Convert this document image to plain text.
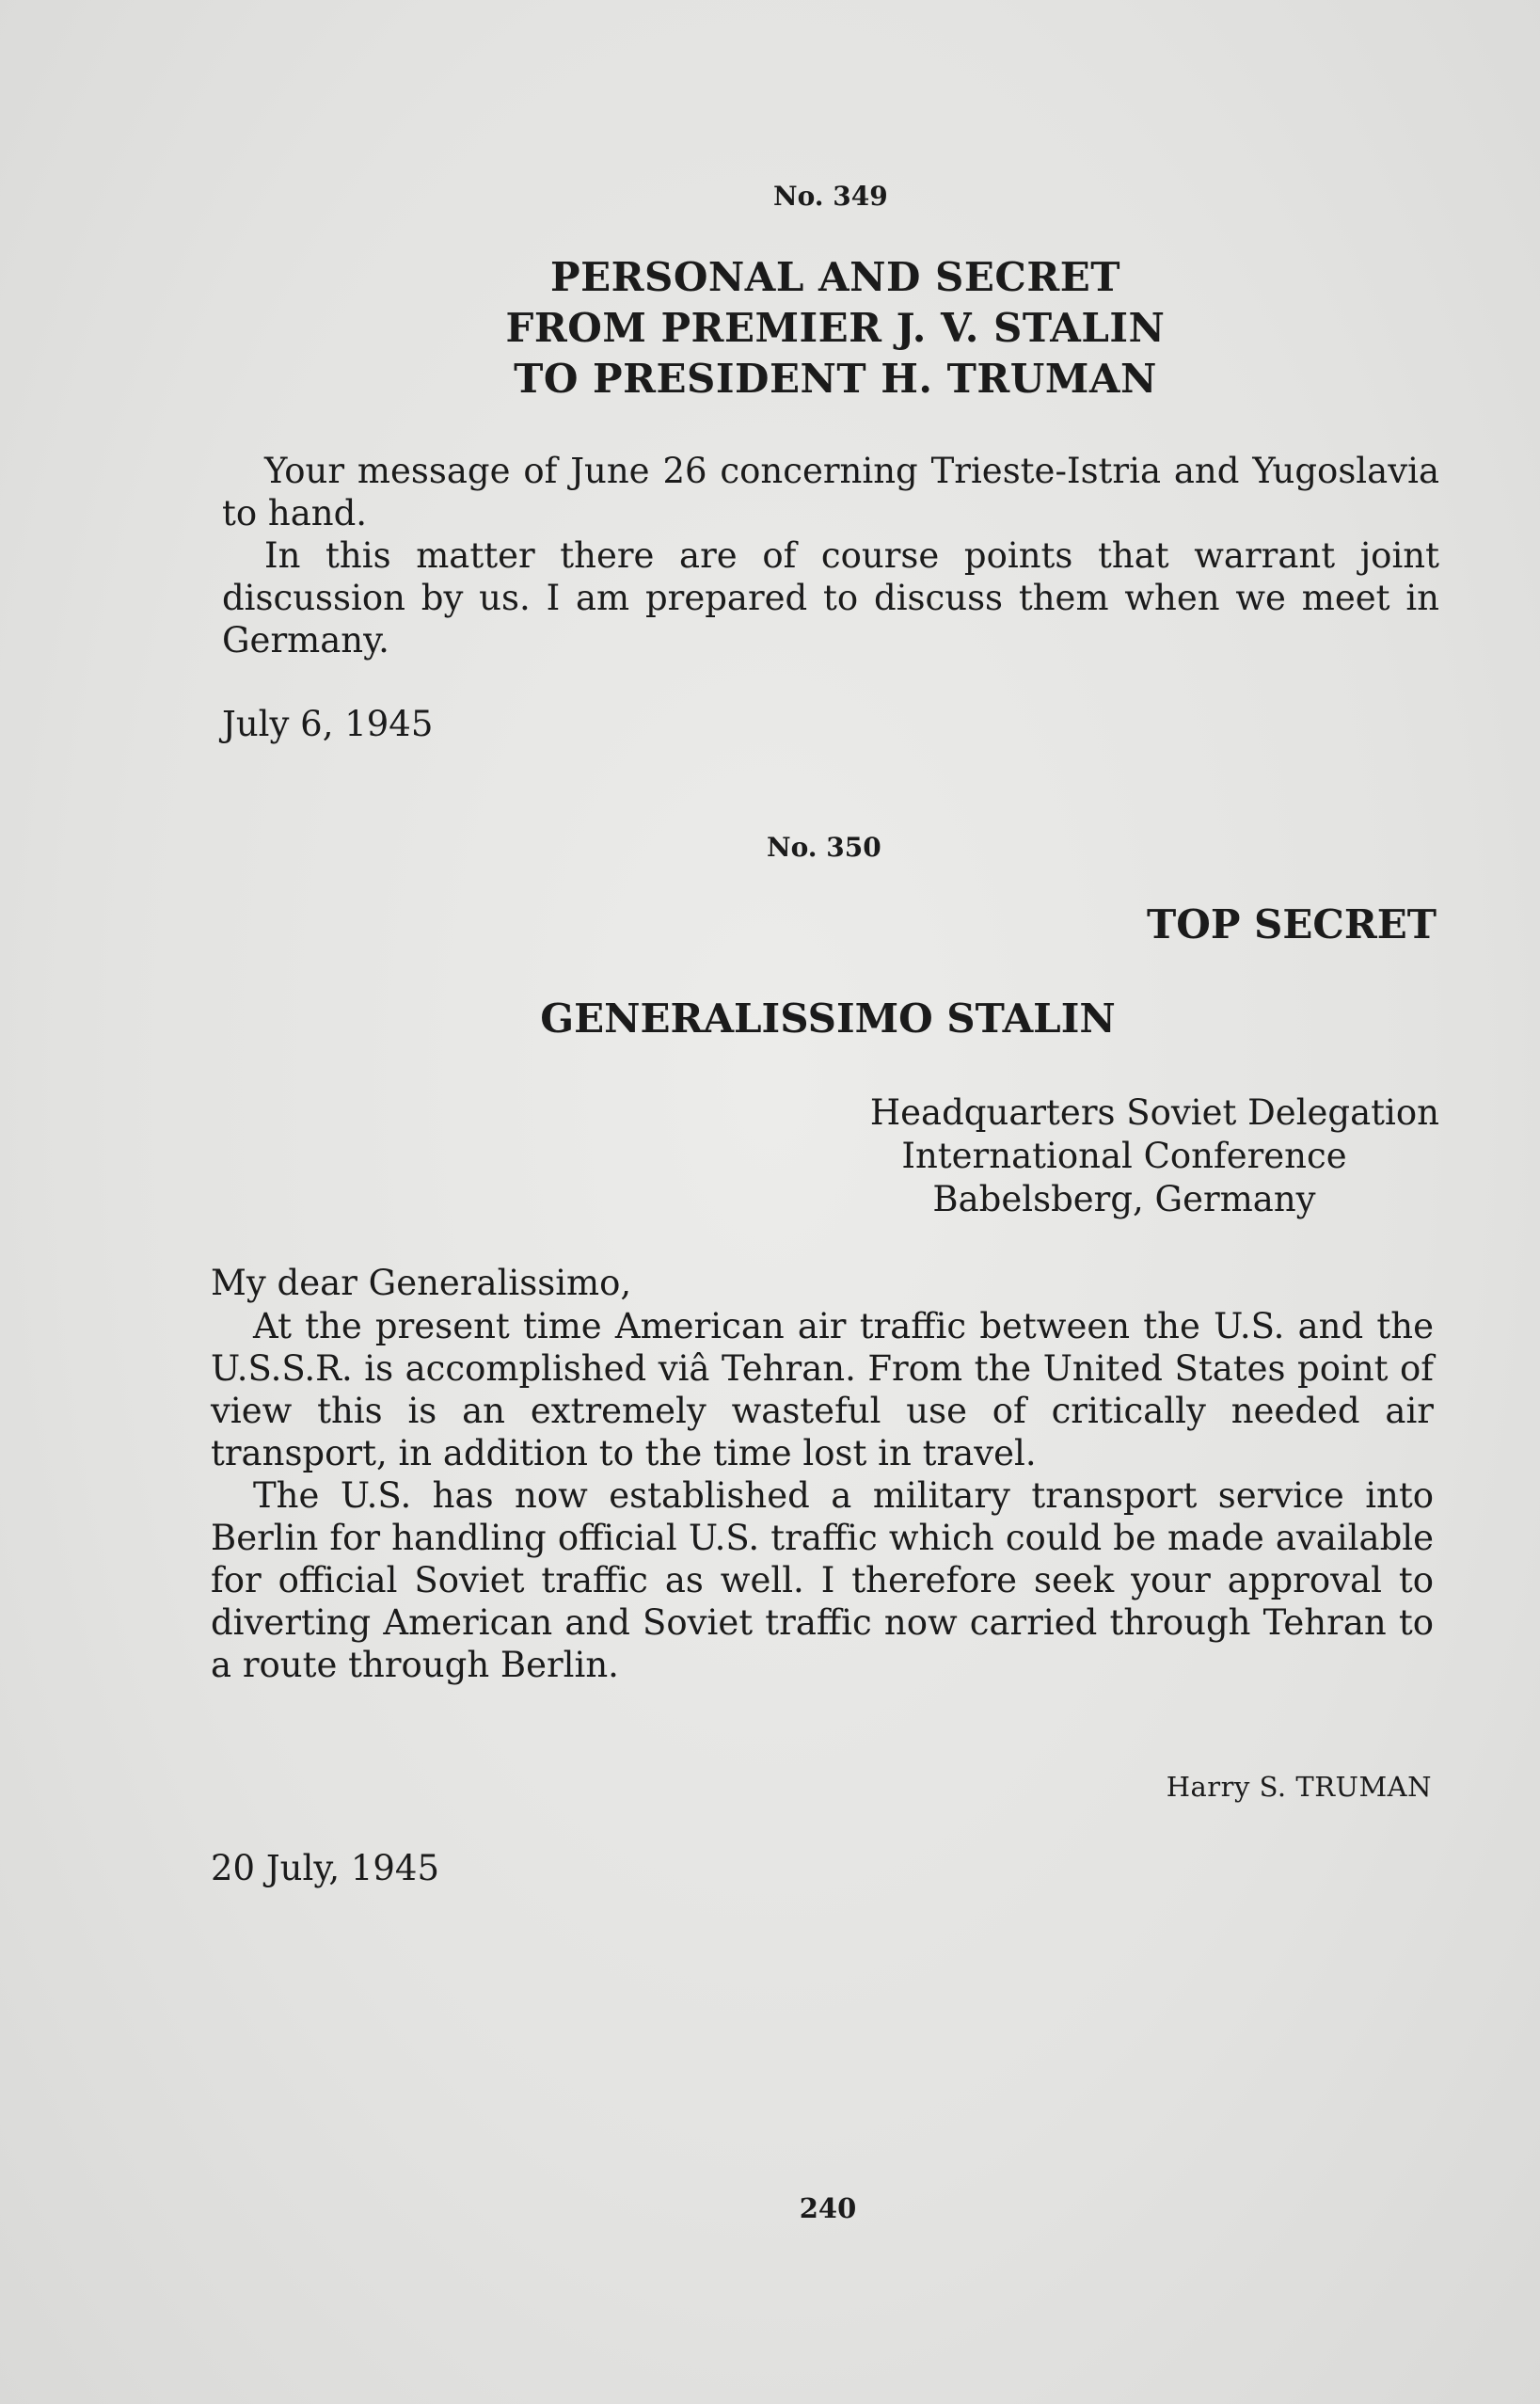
No. 349
PERSONAL AND SECRET
FROM PREMIER J. V. STALIN
TO PRESIDENT H. TRUMAN
Your message of June 26 concerning Trieste-Istria and Yugoslavia to hand.
In this matter there are of course points that warrant joint discussion by us. I am prepared to discuss them when we meet in Germany.
July 6, 1945
No. 350
TOP SECRET
GENERALISSIMO STALIN
Headquarters Soviet Delegation
International Conference
Babelsberg, Germany
My dear Generalissimo,
At the present time American air traffic between the U.S. and the U.S.S.R. is accomplished viâ Tehran. From the United States point of view this is an extremely wasteful use of critically needed air transport, in addition to the time lost in travel.
The U.S. has now established a military transport service into Berlin for handling official U.S. traffic which could be made available for official Soviet traffic as well. I therefore seek your approval to diverting American and Soviet traffic now carried through Tehran to a route through Berlin.
Harry S. TRUMAN
20 July, 1945
240
